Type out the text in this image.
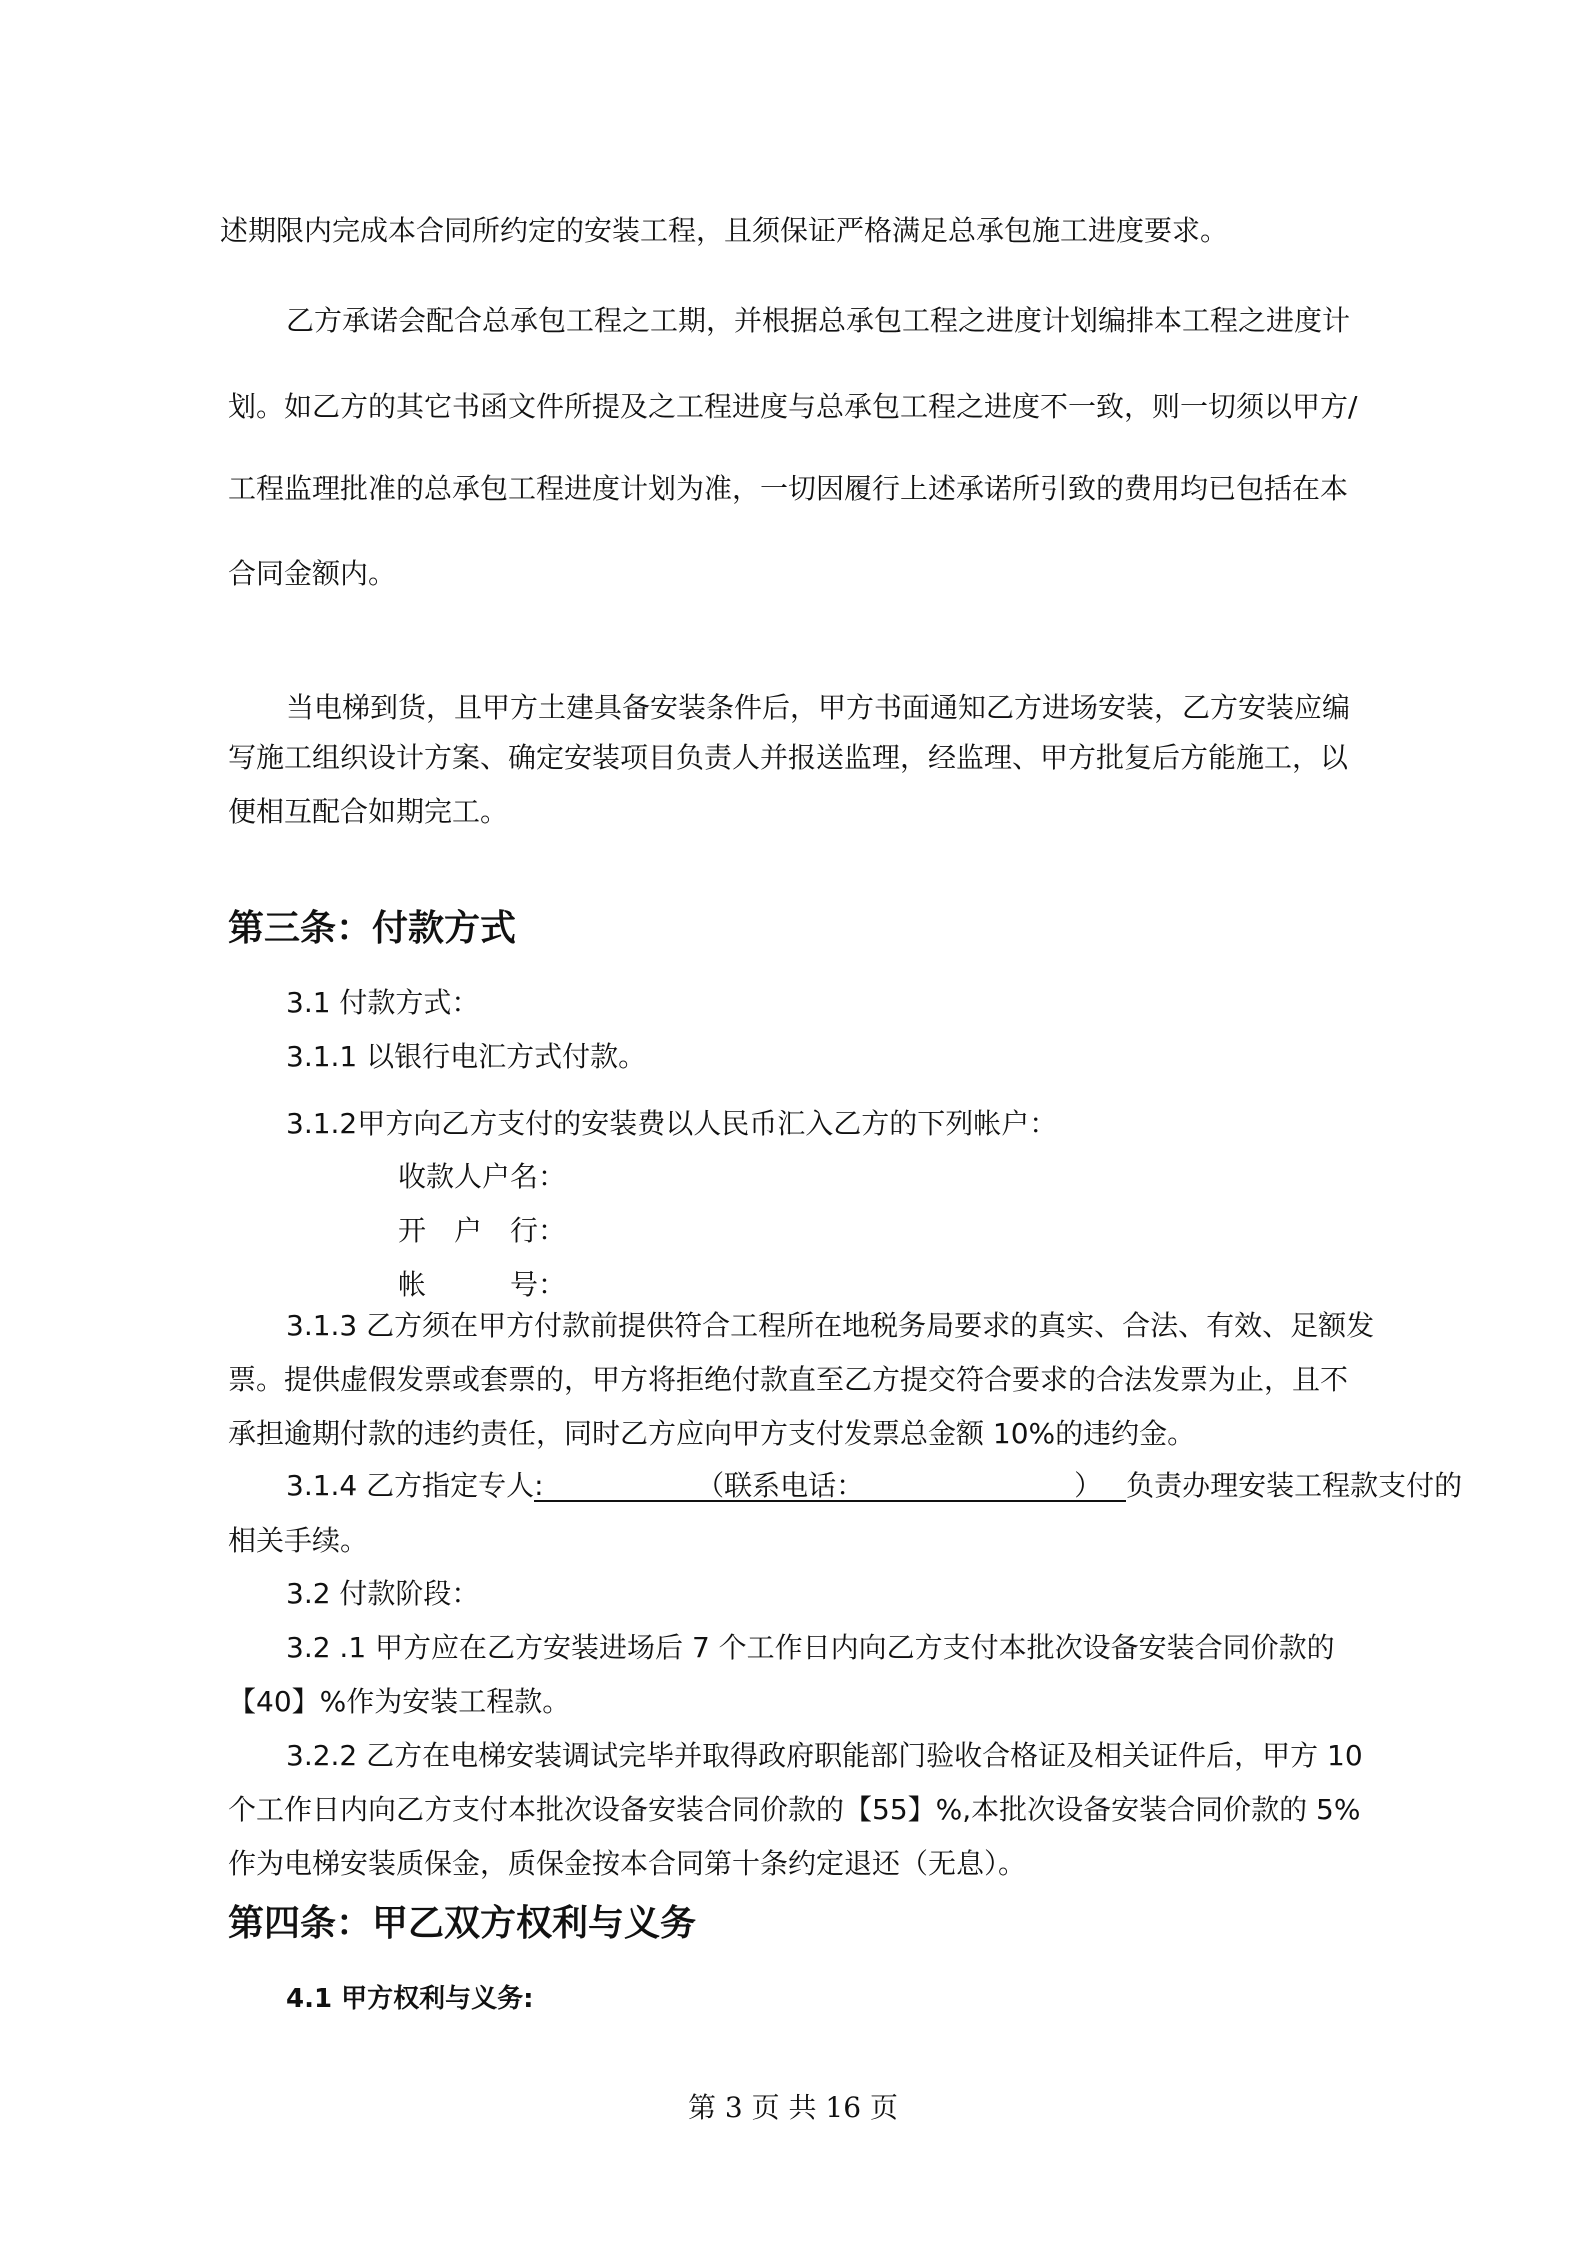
述期限内完成本合同所约定的安装工程，且须保证严格满足总承包施工进度要求。
乙方承诺会配合总承包工程之工期，并根据总承包工程之进度计划编排本工程之进度计
划。如乙方的其它书函文件所提及之工程进度与总承包工程之进度不一致，则一切须以甲方/
工程监理批准的总承包工程进度计划为准，一切因履行上述承诺所引致的费用均已包括在本
合同金额内。
当电梯到货，且甲方土建具备安装条件后，甲方书面通知乙方进场安装，乙方安装应编
写施工组织设计方案、确定安装项目负责人并报送监理，经监理、甲方批复后方能施工，以
便相互配合如期完工。
第三条：付款方式
3.1 付款方式：
3.1.1 以银行电汇方式付款。
3.1.2甲方向乙方支付的安装费以人民币汇入乙方的下列帐户：
收款人户名：
开　户　行：
帐　　　号：
3.1.3 乙方须在甲方付款前提供符合工程所在地税务局要求的真实、合法、有效、足额发
票。提供虚假发票或套票的，甲方将拒绝付款直至乙方提交符合要求的合法发票为止，且不
承担逾期付款的违约责任，同时乙方应向甲方支付发票总金额 10%的违约金。
3.1.4 乙方指定专人:	（联系电话：	） 负责办理安装工程款支付的
相关手续。
3.2 付款阶段：
3.2 .1 甲方应在乙方安装进场后 7 个工作日内向乙方支付本批次设备安装合同价款的
【40】%作为安装工程款。
3.2.2 乙方在电梯安装调试完毕并取得政府职能部门验收合格证及相关证件后，甲方 10
个工作日内向乙方支付本批次设备安装合同价款的【55】%,本批次设备安装合同价款的 5%
作为电梯安装质保金，质保金按本合同第十条约定退还（无息）。
第四条：甲乙双方权利与义务
4.1 甲方权利与义务:
第 3 页 共 16 页
